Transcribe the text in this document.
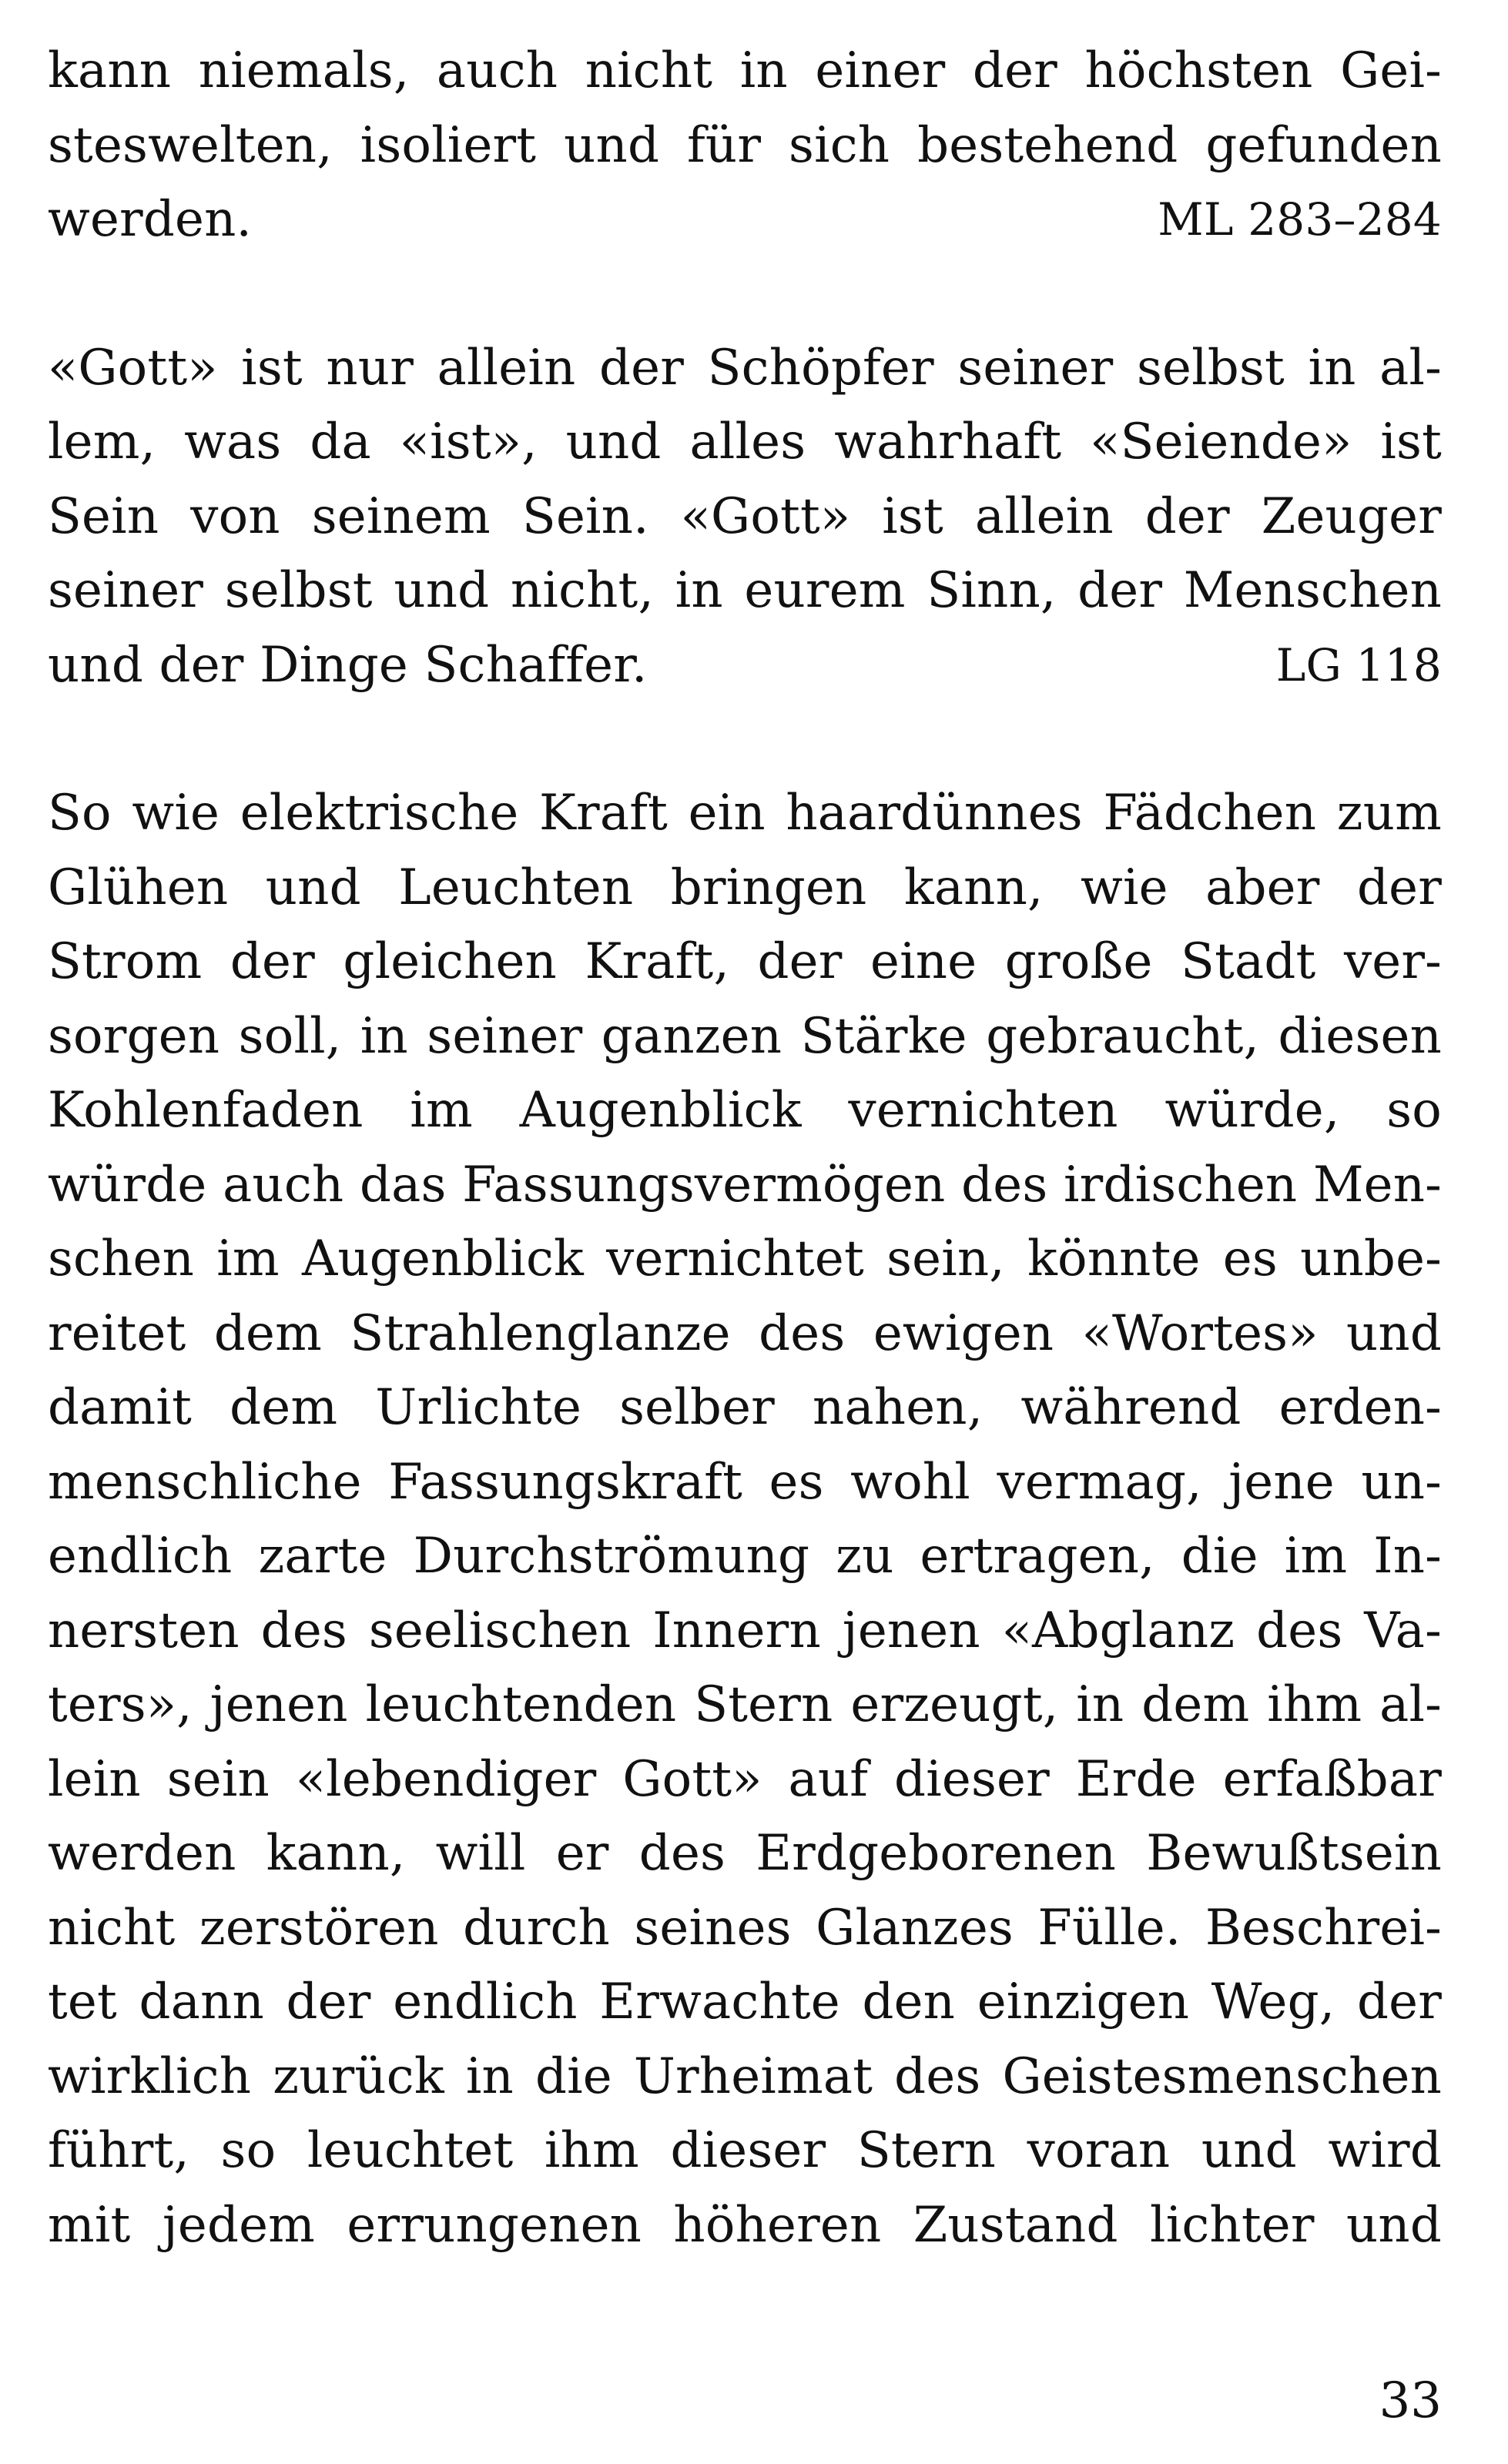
kann niemals, auch nicht in einer der höchsten Gei-
steswelten, isoliert und für sich bestehend gefunden
werden.	ML 283–284
«Gott» ist nur allein der Schöpfer seiner selbst in al-
lem, was da «ist», und alles wahrhaft «Seiende» ist
Sein von seinem Sein. «Gott» ist allein der Zeuger
seiner selbst und nicht, in eurem Sinn, der Menschen
und der Dinge Schaffer.	LG 118
So wie elektrische Kraft ein haardünnes Fädchen zum
Glühen und Leuchten bringen kann, wie aber der
Strom der gleichen Kraft, der eine große Stadt ver-
sorgen soll, in seiner ganzen Stärke gebraucht, diesen
Kohlenfaden im Augenblick vernichten würde, so
würde auch das Fassungsvermögen des irdischen Men-
schen im Augenblick vernichtet sein, könnte es unbe-
reitet dem Strahlenglanze des ewigen «Wortes» und
damit dem Urlichte selber nahen, während erden-
menschliche Fassungskraft es wohl vermag, jene un-
endlich zarte Durchströmung zu ertragen, die im In-
nersten des seelischen Innern jenen «Abglanz des Va-
ters», jenen leuchtenden Stern erzeugt, in dem ihm al-
lein sein «lebendiger Gott» auf dieser Erde erfaßbar
werden kann, will er des Erdgeborenen Bewußtsein
nicht zerstören durch seines Glanzes Fülle. Beschrei-
tet dann der endlich Erwachte den einzigen Weg, der
wirklich zurück in die Urheimat des Geistesmenschen
führt, so leuchtet ihm dieser Stern voran und wird
mit jedem errungenen höheren Zustand lichter und
33
